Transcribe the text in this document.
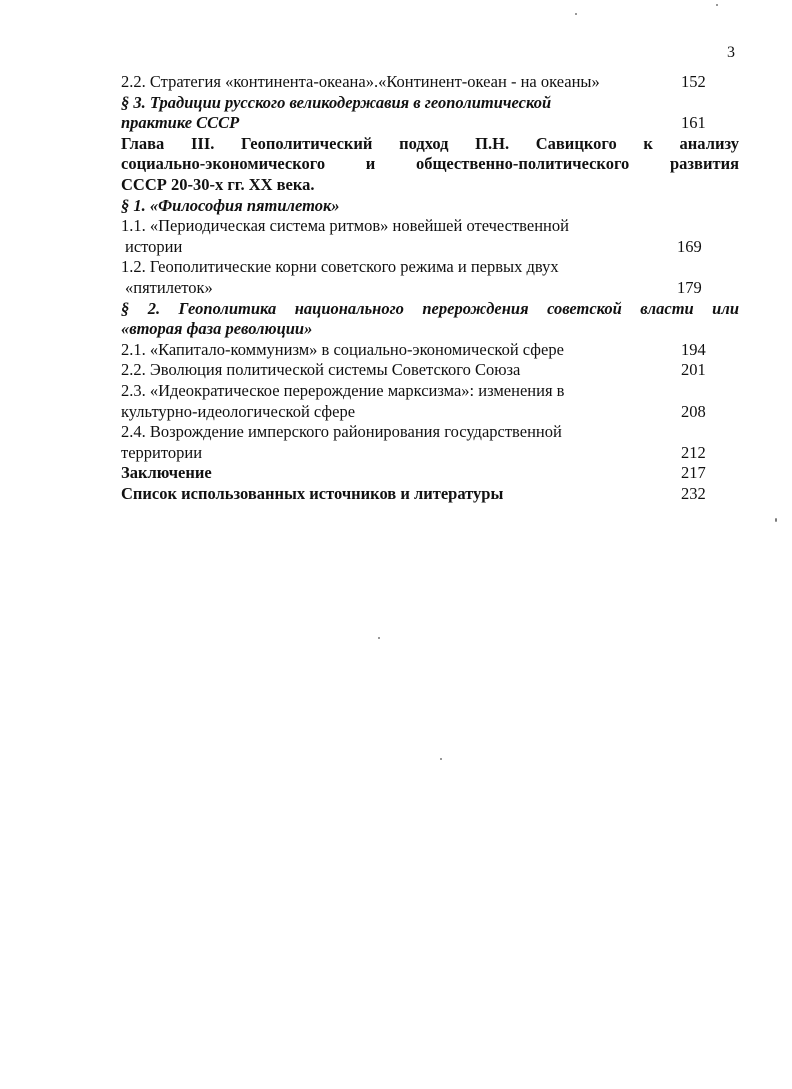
3
2.2. Стратегия «континента-океана».«Континент-океан - на океаны»	152
§ 3. Традиции русского великодержавия в геополитической
практике СССР	161
Глава III. Геополитический подход П.Н. Савицкого к анализу
социально-экономического и общественно-политического развития
СССР 20-30-х гг. XX века.
§ 1. «Философия пятилеток»
1.1. «Периодическая система ритмов» новейшей отечественной
истории	169
1.2. Геополитические корни советского режима и первых двух
«пятилеток»	179
§ 2. Геополитика национального перерождения советской власти или
«вторая фаза революции»
2.1. «Капитало-коммунизм» в социально-экономической сфере	194
2.2. Эволюция политической системы Советского Союза	201
2.3. «Идеократическое перерождение марксизма»: изменения в
культурно-идеологической сфере	208
2.4. Возрождение имперского районирования государственной
территории	212
Заключение	217
Список использованных источников и литературы	232
